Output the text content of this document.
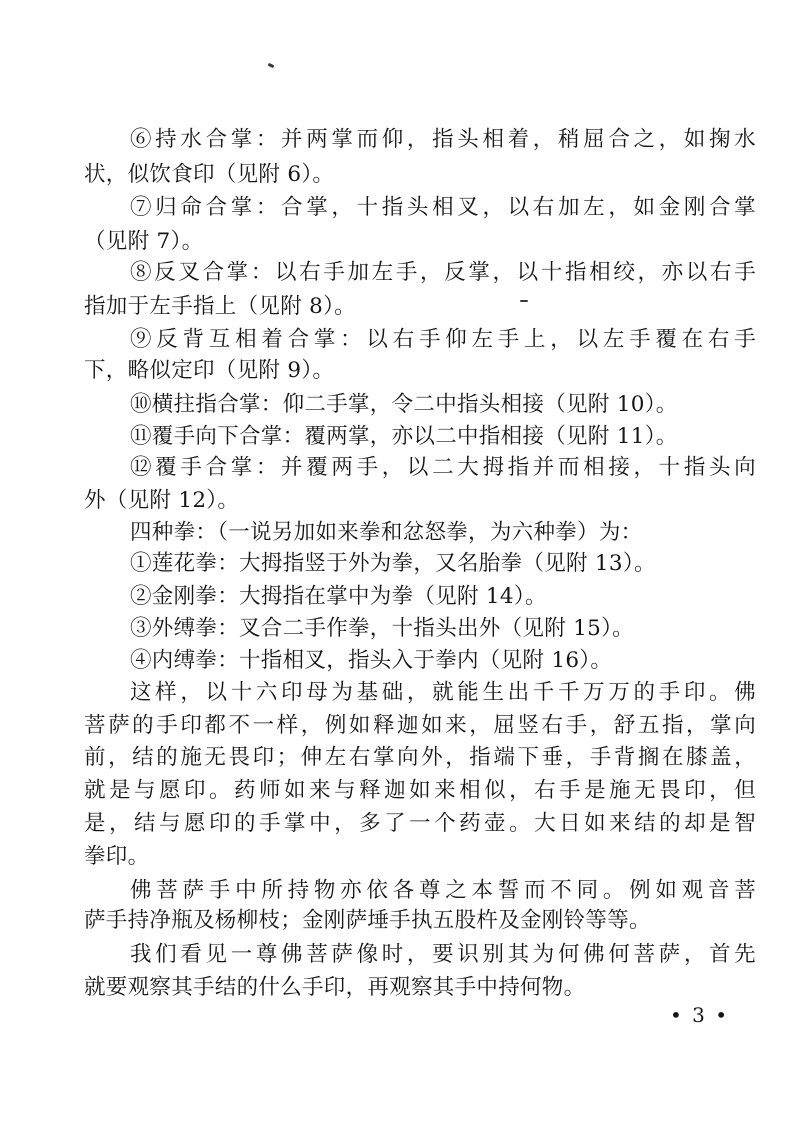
⑥持水合掌：并两掌而仰，指头相着，稍屈合之，如掬水
状，似饮食印（见附 6）。
⑦归命合掌：合掌，十指头相叉，以右加左，如金刚合掌
（见附 7）。
⑧反叉合掌：以右手加左手，反掌，以十指相绞，亦以右手
指加于左手指上（见附 8）。
⑨反背互相着合掌：以右手仰左手上，以左手覆在右手
下，略似定印（见附 9）。
⑩横拄指合掌：仰二手掌，令二中指头相接（见附 10）。
⑪覆手向下合掌：覆两掌，亦以二中指相接（见附 11）。
⑫覆手合掌：并覆两手，以二大拇指并而相接，十指头向
外（见附 12）。
四种拳：（一说另加如来拳和忿怒拳，为六种拳）为：
①莲花拳：大拇指竖于外为拳，又名胎拳（见附 13）。
②金刚拳：大拇指在掌中为拳（见附 14）。
③外缚拳：叉合二手作拳，十指头出外（见附 15）。
④内缚拳：十指相叉，指头入于拳内（见附 16）。
这样，以十六印母为基础，就能生出千千万万的手印。佛
菩萨的手印都不一样，例如释迦如来，屈竖右手，舒五指，掌向
前，结的施无畏印；伸左右掌向外，指端下垂，手背搁在膝盖，
就是与愿印。药师如来与释迦如来相似，右手是施无畏印，但
是，结与愿印的手掌中，多了一个药壶。大日如来结的却是智
拳印。
佛菩萨手中所持物亦依各尊之本誓而不同。例如观音菩
萨手持净瓶及杨柳枝；金刚萨埵手执五股杵及金刚铃等等。
我们看见一尊佛菩萨像时，要识别其为何佛何菩萨，首先
就要观察其手结的什么手印，再观察其手中持何物。
• 3 •
